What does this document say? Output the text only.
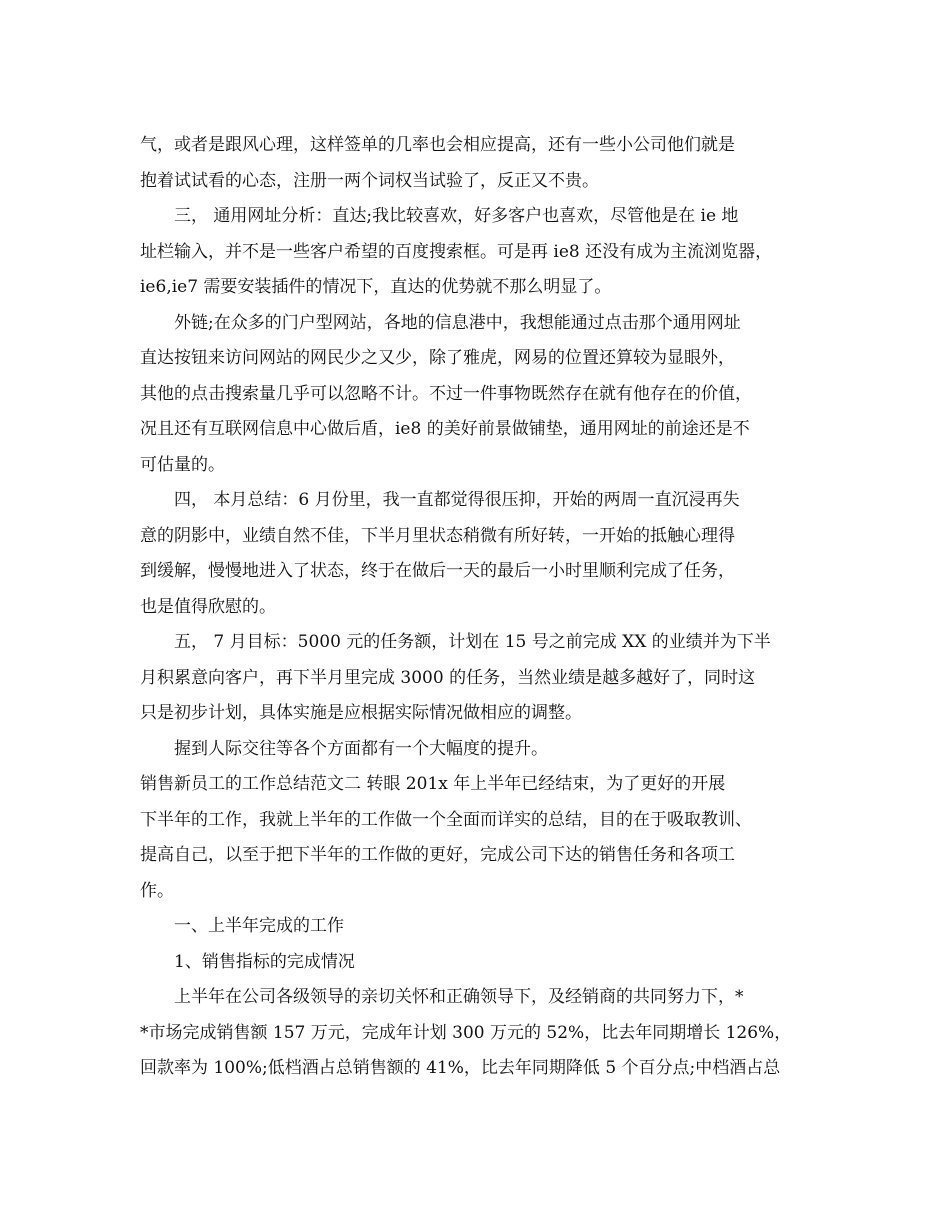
气，或者是跟风心理，这样签单的几率也会相应提高，还有一些小公司他们就是
抱着试试看的心态，注册一两个词权当试验了，反正又不贵。
三， 通用网址分析：直达;我比较喜欢，好多客户也喜欢，尽管他是在 ie 地
址栏输入，并不是一些客户希望的百度搜索框。可是再 ie8 还没有成为主流浏览器，
ie6,ie7 需要安装插件的情况下，直达的优势就不那么明显了。
外链;在众多的门户型网站，各地的信息港中，我想能通过点击那个通用网址
直达按钮来访问网站的网民少之又少，除了雅虎，网易的位置还算较为显眼外，
其他的点击搜索量几乎可以忽略不计。不过一件事物既然存在就有他存在的价值，
况且还有互联网信息中心做后盾，ie8 的美好前景做铺垫，通用网址的前途还是不
可估量的。
四， 本月总结：6 月份里，我一直都觉得很压抑，开始的两周一直沉浸再失
意的阴影中，业绩自然不佳，下半月里状态稍微有所好转，一开始的抵触心理得
到缓解，慢慢地进入了状态，终于在做后一天的最后一小时里顺利完成了任务，
也是值得欣慰的。
五， 7 月目标：5000 元的任务额，计划在 15 号之前完成 XX 的业绩并为下半
月积累意向客户，再下半月里完成 3000 的任务，当然业绩是越多越好了，同时这
只是初步计划，具体实施是应根据实际情况做相应的调整。
握到人际交往等各个方面都有一个大幅度的提升。
销售新员工的工作总结范文二 转眼 201x 年上半年已经结束，为了更好的开展
下半年的工作，我就上半年的工作做一个全面而详实的总结，目的在于吸取教训、
提高自己，以至于把下半年的工作做的更好，完成公司下达的销售任务和各项工
作。
一、上半年完成的工作
1、销售指标的完成情况
上半年在公司各级领导的亲切关怀和正确领导下，及经销商的共同努力下，*
*市场完成销售额 157 万元，完成年计划 300 万元的 52%，比去年同期增长 126%，
回款率为 100%;低档酒占总销售额的 41%，比去年同期降低 5 个百分点;中档酒占总
